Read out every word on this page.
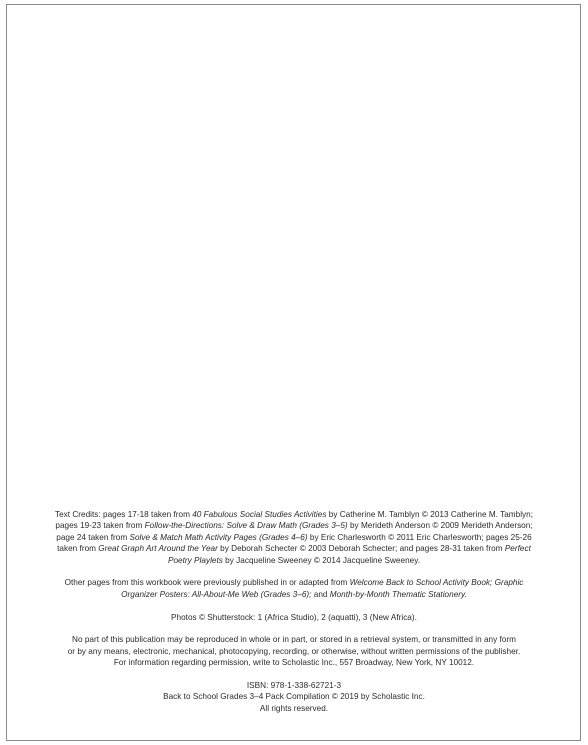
Text Credits: pages 17-18 taken from 40 Fabulous Social Studies Activities by Catherine M. Tamblyn © 2013 Catherine M. Tamblyn; pages 19-23 taken from Follow-the-Directions: Solve & Draw Math (Grades 3–5) by Merideth Anderson © 2009 Merideth Anderson; page 24 taken from Solve & Match Math Activity Pages (Grades 4–6) by Eric Charlesworth © 2011 Eric Charlesworth; pages 25-26 taken from Great Graph Art Around the Year by Deborah Schecter © 2003 Deborah Schecter; and pages 28-31 taken from Perfect Poetry Playlets by Jacqueline Sweeney © 2014 Jacqueline Sweeney.

Other pages from this workbook were previously published in or adapted from Welcome Back to School Activity Book; Graphic Organizer Posters: All-About-Me Web (Grades 3–6); and Month-by-Month Thematic Stationery.

Photos © Shutterstock: 1 (Africa Studio), 2 (aquatti), 3 (New Africa).

No part of this publication may be reproduced in whole or in part, or stored in a retrieval system, or transmitted in any form
or by any means, electronic, mechanical, photocopying, recording, or otherwise, without written permissions of the publisher.
For information regarding permission, write to Scholastic Inc., 557 Broadway, New York, NY 10012.

ISBN: 978-1-338-62721-3

Back to School Grades 3–4 Pack Compilation © 2019 by Scholastic Inc.

All rights reserved.
